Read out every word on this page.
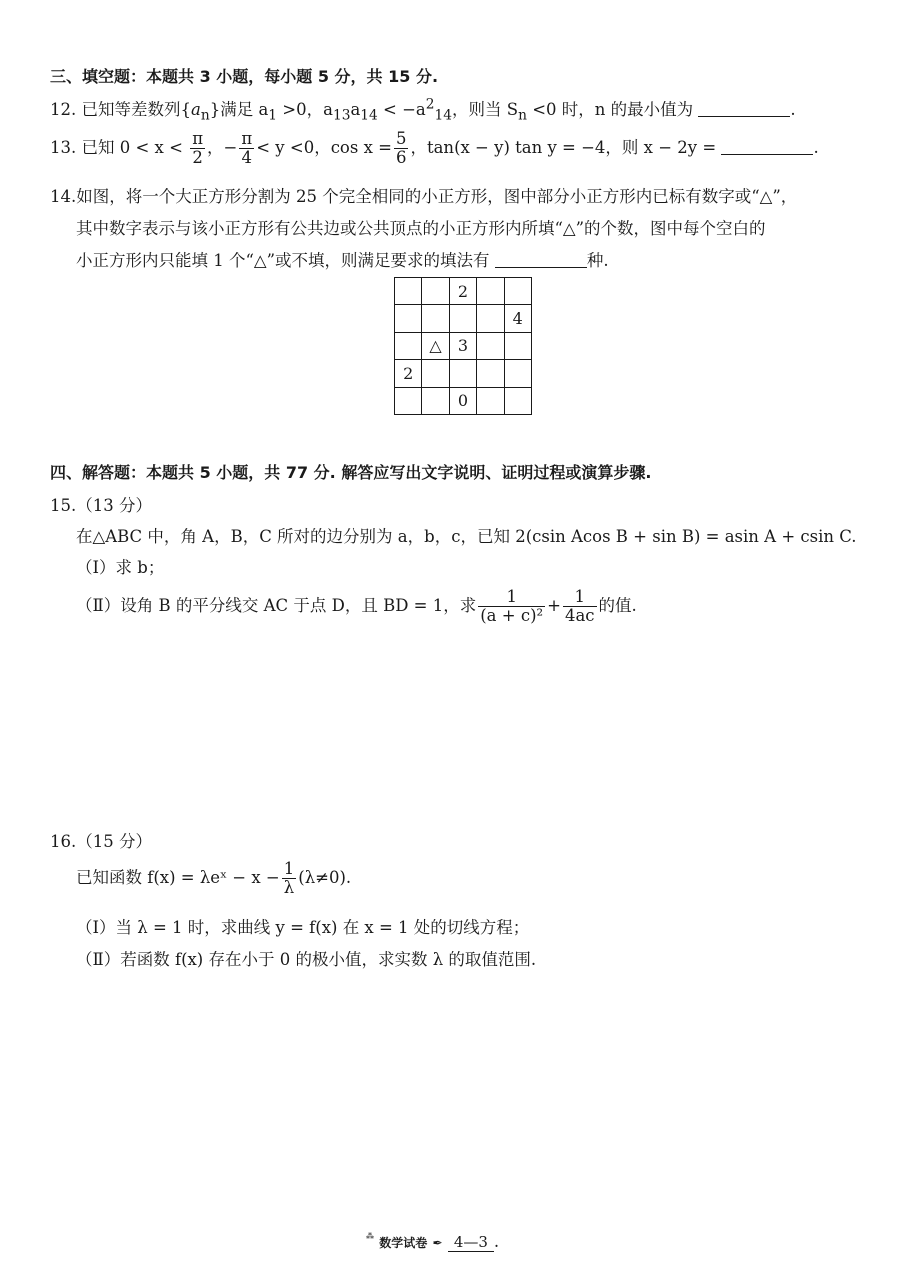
三、填空题：本题共 3 小题，每小题 5 分，共 15 分.
12. 已知等差数列$\{a_n\}$满足 $a_1 >0$，$a_{13}a_{14} < -a^2_{14}$，则当 $S_n <0$ 时，n 的最小值为	.
13. 已知 $0 < x < \frac{\pi}{2}$ ，− $\frac{\pi}{4} < y <0$，$\cos x = \frac{5}{6}$ ，tan(x − y) tan y = −4，则 x − 2y =	.
14.如图，将一个大正方形分割为 25 个完全相同的小正方形，图中部分小正方形内已标有数字或“△”，
其中数字表示与该小正方形有公共边或公共顶点的小正方形内所填“△”的个数，图中每个空白的
小正方形内只能填 1 个“△”或不填，则满足要求的填法有	种.
		2		
				4
	△	3		
2				
		0		
四、解答题：本题共 5 小题，共 77 分. 解答应写出文字说明、证明过程或演算步骤.
15.（13 分）
在△ABC 中，角 A，B，C 所对的边分别为 a，b，c，已知 2(csin Acos B + sin B) = asin A + csin C.
（Ⅰ）求 b；
（Ⅱ）设角 B 的平分线交 AC 于点 D，且 BD = 1，求 $\frac{1}{\text{(a + c)²}} + \frac{1}{4ac}$ 的值.
16.（15 分）
已知函数 f(x) = λeˣ − $x - \frac{1}{\lambda} (\lambda\ne 0)$.
（Ⅰ）当 λ = 1 时，求曲线 y = f(x) 在 x = 1 处的切线方程；
（Ⅱ）若函数 f(x) 存在小于 0 的极小值，求实数 λ 的取值范围.
⁂ 数学试卷 ✒ 4—3 .
